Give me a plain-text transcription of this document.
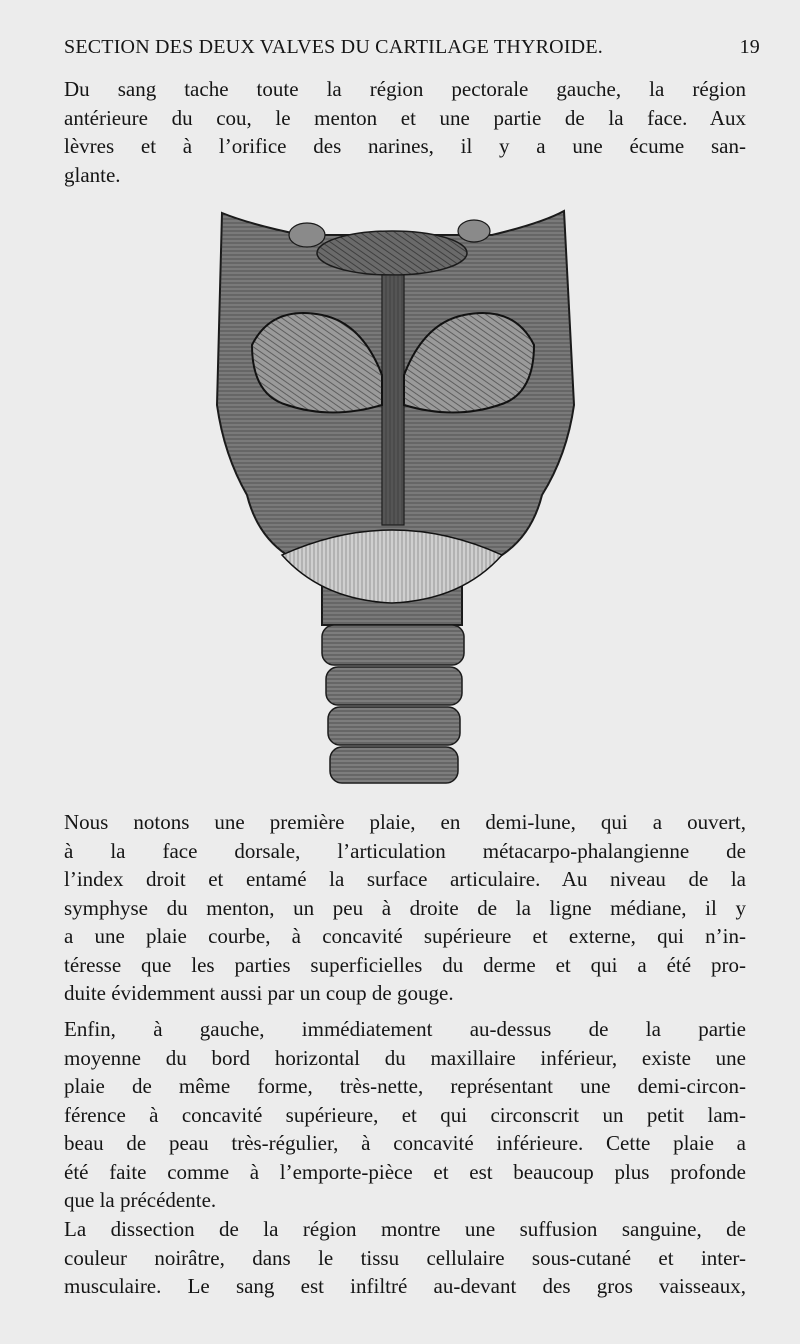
SECTION DES DEUX VALVES DU CARTILAGE THYROIDE.	19
Du sang tache toute la région pectorale gauche, la région
antérieure du cou, le menton et une partie de la face. Aux
lèvres et à l’orifice des narines, il y a une écume san-
glante.
Nous notons une première plaie, en demi-lune, qui a ouvert,
à la face dorsale, l’articulation métacarpo-phalangienne de
l’index droit et entamé la surface articulaire. Au niveau de la
symphyse du menton, un peu à droite de la ligne médiane, il y
a une plaie courbe, à concavité supérieure et externe, qui n’in-
téresse que les parties superficielles du derme et qui a été pro-
duite évidemment aussi par un coup de gouge.
Enfin, à gauche, immédiatement au-dessus de la partie
moyenne du bord horizontal du maxillaire inférieur, existe une
plaie de même forme, très-nette, représentant une demi-circon-
férence à concavité supérieure, et qui circonscrit un petit lam-
beau de peau très-régulier, à concavité inférieure. Cette plaie a
été faite comme à l’emporte-pièce et est beaucoup plus profonde
que la précédente.
La dissection de la région montre une suffusion sanguine, de
couleur noirâtre, dans le tissu cellulaire sous-cutané et inter-
musculaire. Le sang est infiltré au-devant des gros vaisseaux,
